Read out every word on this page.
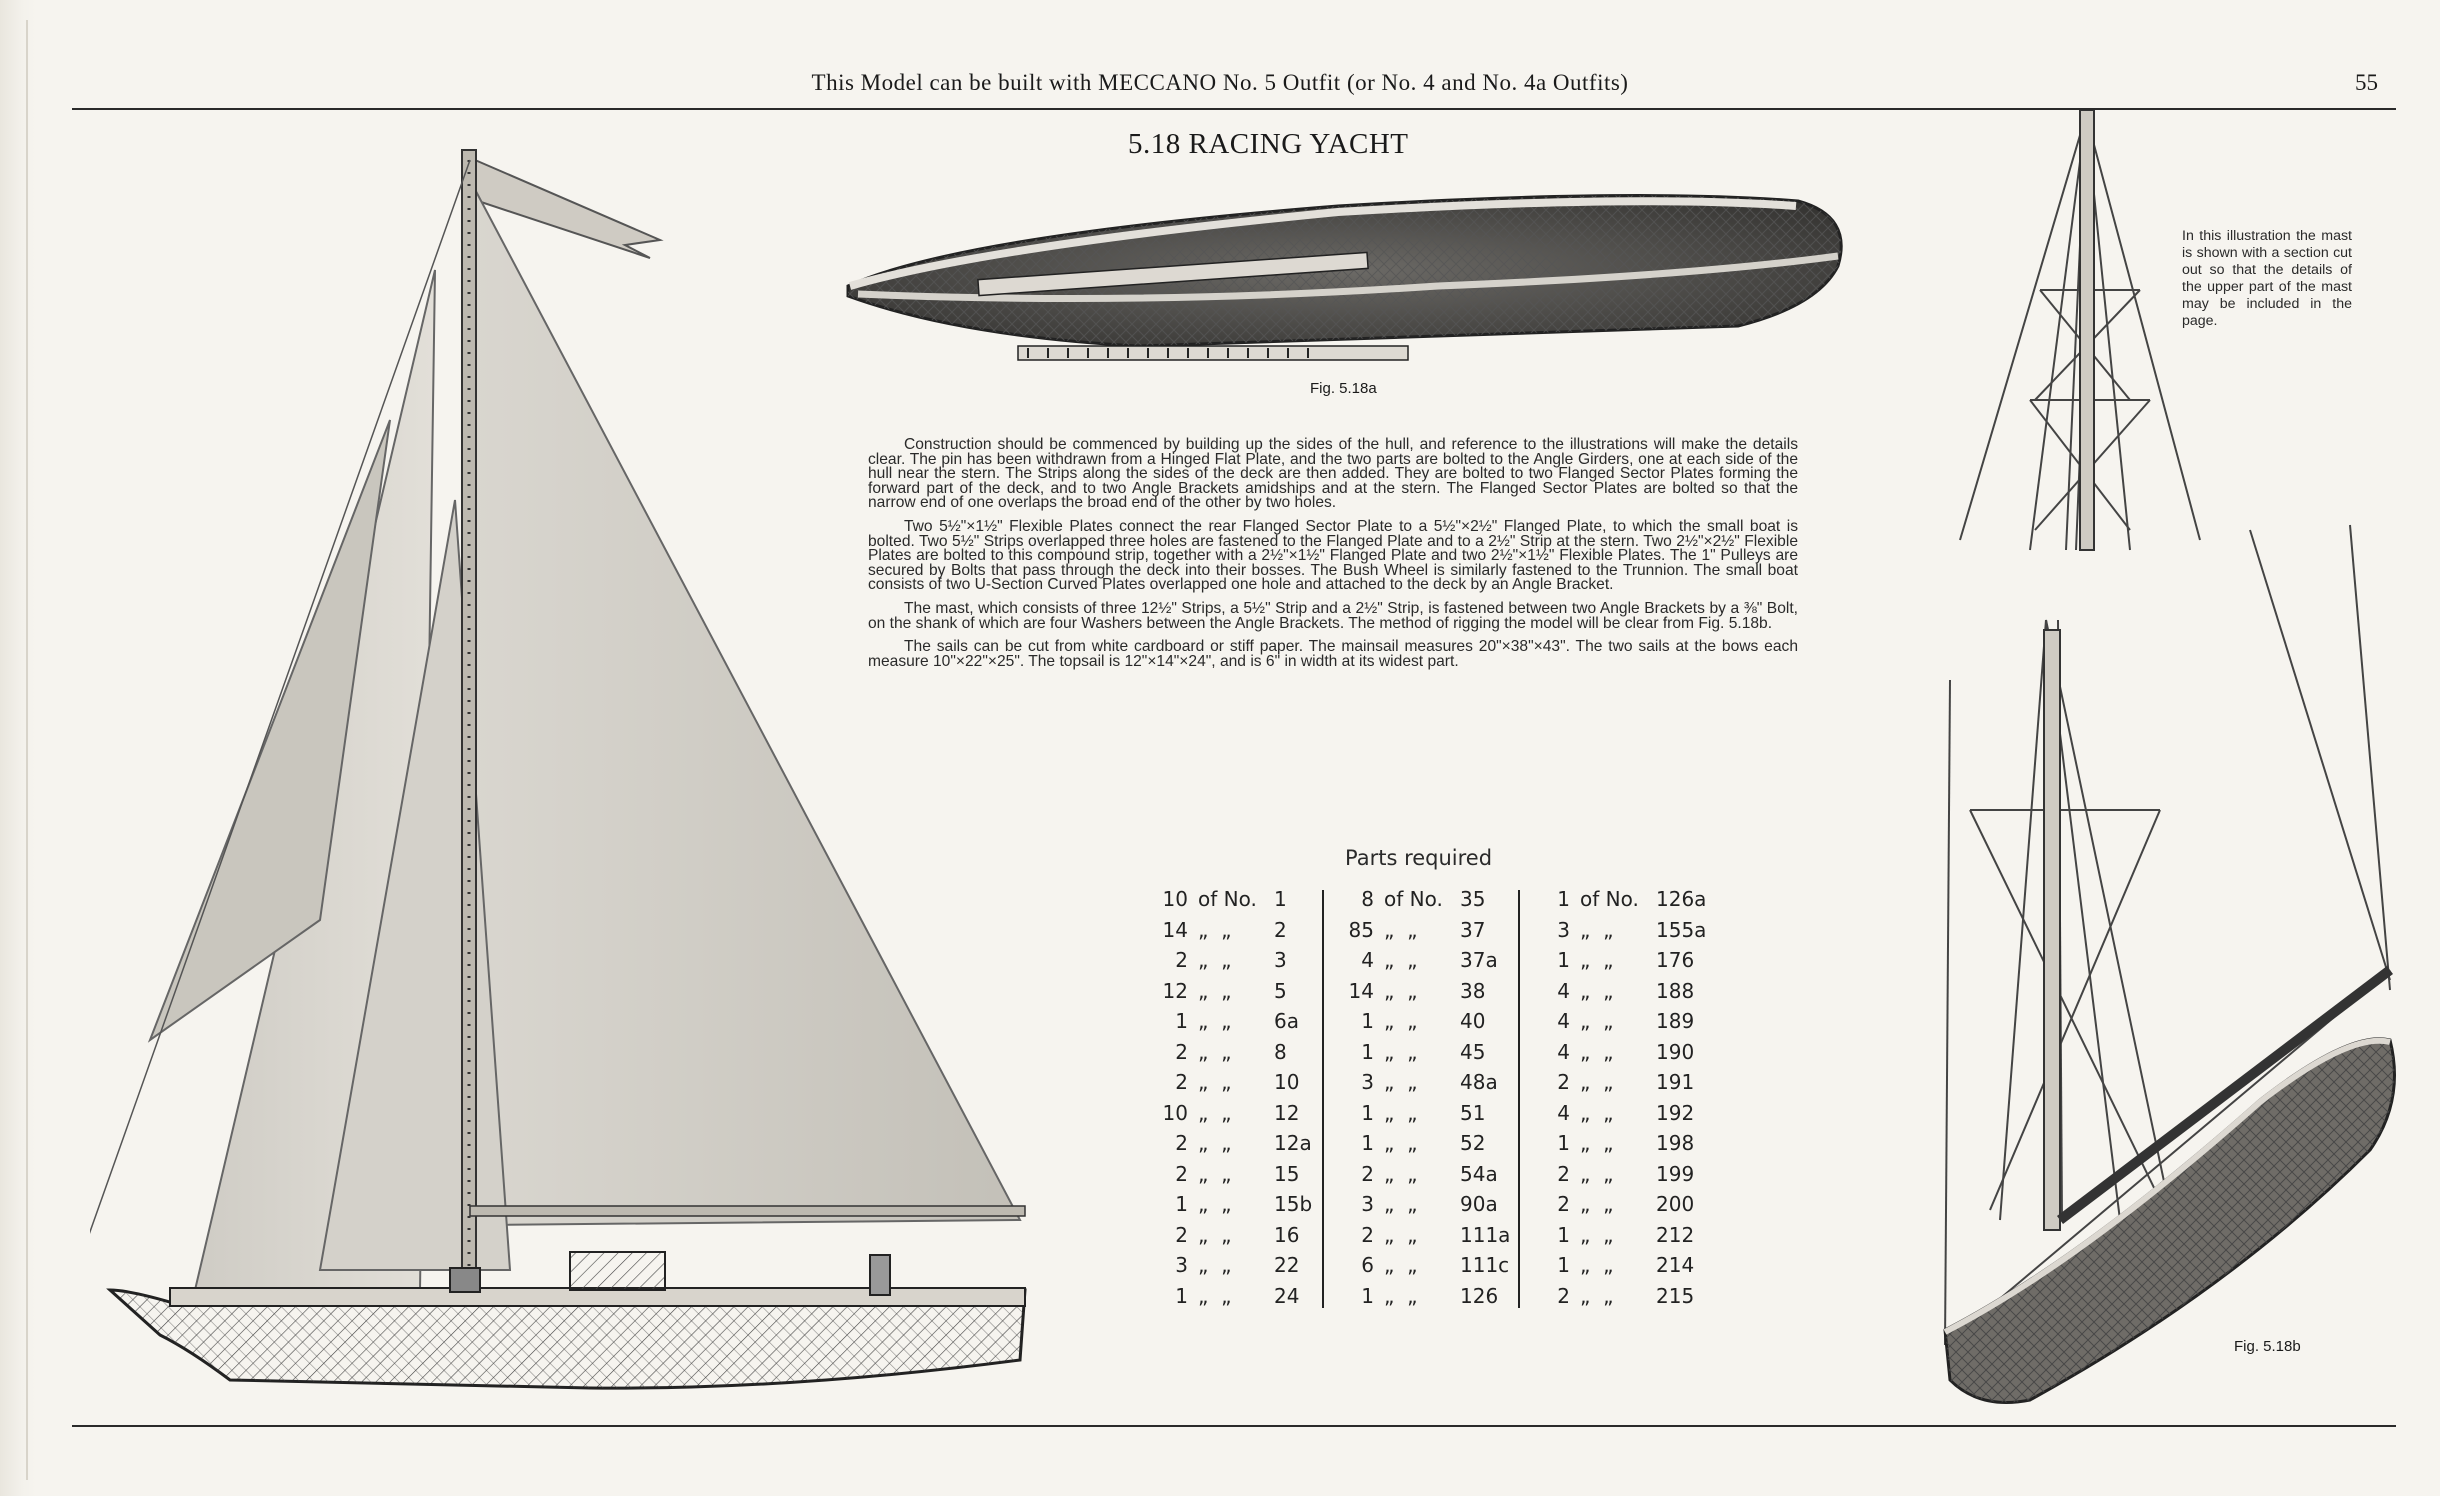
This Model can be built with MECCANO No. 5 Outfit (or No. 4 and No. 4a Outfits)	55
5.18 RACING YACHT
Fig. 5.18a

Construction should be commenced by building up the sides of the hull, and reference to the illustrations will make the details clear. The pin has been withdrawn from a Hinged Flat Plate, and the two parts are bolted to the Angle Girders, one at each side of the hull near the stern. The Strips along the sides of the deck are then added. They are bolted to two Flanged Sector Plates forming the forward part of the deck, and to two Angle Brackets amidships and at the stern. The Flanged Sector Plates are bolted so that the narrow end of one overlaps the broad end of the other by two holes.

Two 5½"×1½" Flexible Plates connect the rear Flanged Sector Plate to a 5½"×2½" Flanged Plate, to which the small boat is bolted. Two 5½" Strips overlapped three holes are fastened to the Flanged Plate and to a 2½" Strip at the stern. Two 2½"×2½" Flexible Plates are bolted to this compound strip, together with a 2½"×1½" Flanged Plate and two 2½"×1½" Flexible Plates. The 1" Pulleys are secured by Bolts that pass through the deck into their bosses. The Bush Wheel is similarly fastened to the Trunnion. The small boat consists of two U-Section Curved Plates overlapped one hole and attached to the deck by an Angle Bracket.

The mast, which consists of three 12½" Strips, a 5½" Strip and a 2½" Strip, is fastened between two Angle Brackets by a ⅜" Bolt, on the shank of which are four Washers between the Angle Brackets. The method of rigging the model will be clear from Fig. 5.18b.

The sails can be cut from white cardboard or stiff paper. The mainsail measures 20"×38"×43". The two sails at the bows each measure 10"×22"×25". The topsail is 12"×14"×24", and is 6" in width at its widest part.

In this illustration the mast is shown with a section cut out so that the details of the upper part of the mast may be included in the page.
Fig. 5.18b
Parts required
10 of No. 1
14 „  „ 2
2 „  „ 3
12 „  „ 5
1 „  „ 6a
2 „  „ 8
2 „  „ 10
10 „  „ 12
2 „  „ 12a
2 „  „ 15
1 „  „ 15b
2 „  „ 16
3 „  „ 22
1 „  „ 24
8 of No. 35
85 „  „ 37
4 „  „ 37a
14 „  „ 38
1 „  „ 40
1 „  „ 45
3 „  „ 48a
1 „  „ 51
1 „  „ 52
2 „  „ 54a
3 „  „ 90a
2 „  „ 111a
6 „  „ 111c
1 „  „ 126
1 of No. 126a
3 „  „ 155a
1 „  „ 176
4 „  „ 188
4 „  „ 189
4 „  „ 190
2 „  „ 191
4 „  „ 192
1 „  „ 198
2 „  „ 199
2 „  „ 200
1 „  „ 212
1 „  „ 214
2 „  „ 215
